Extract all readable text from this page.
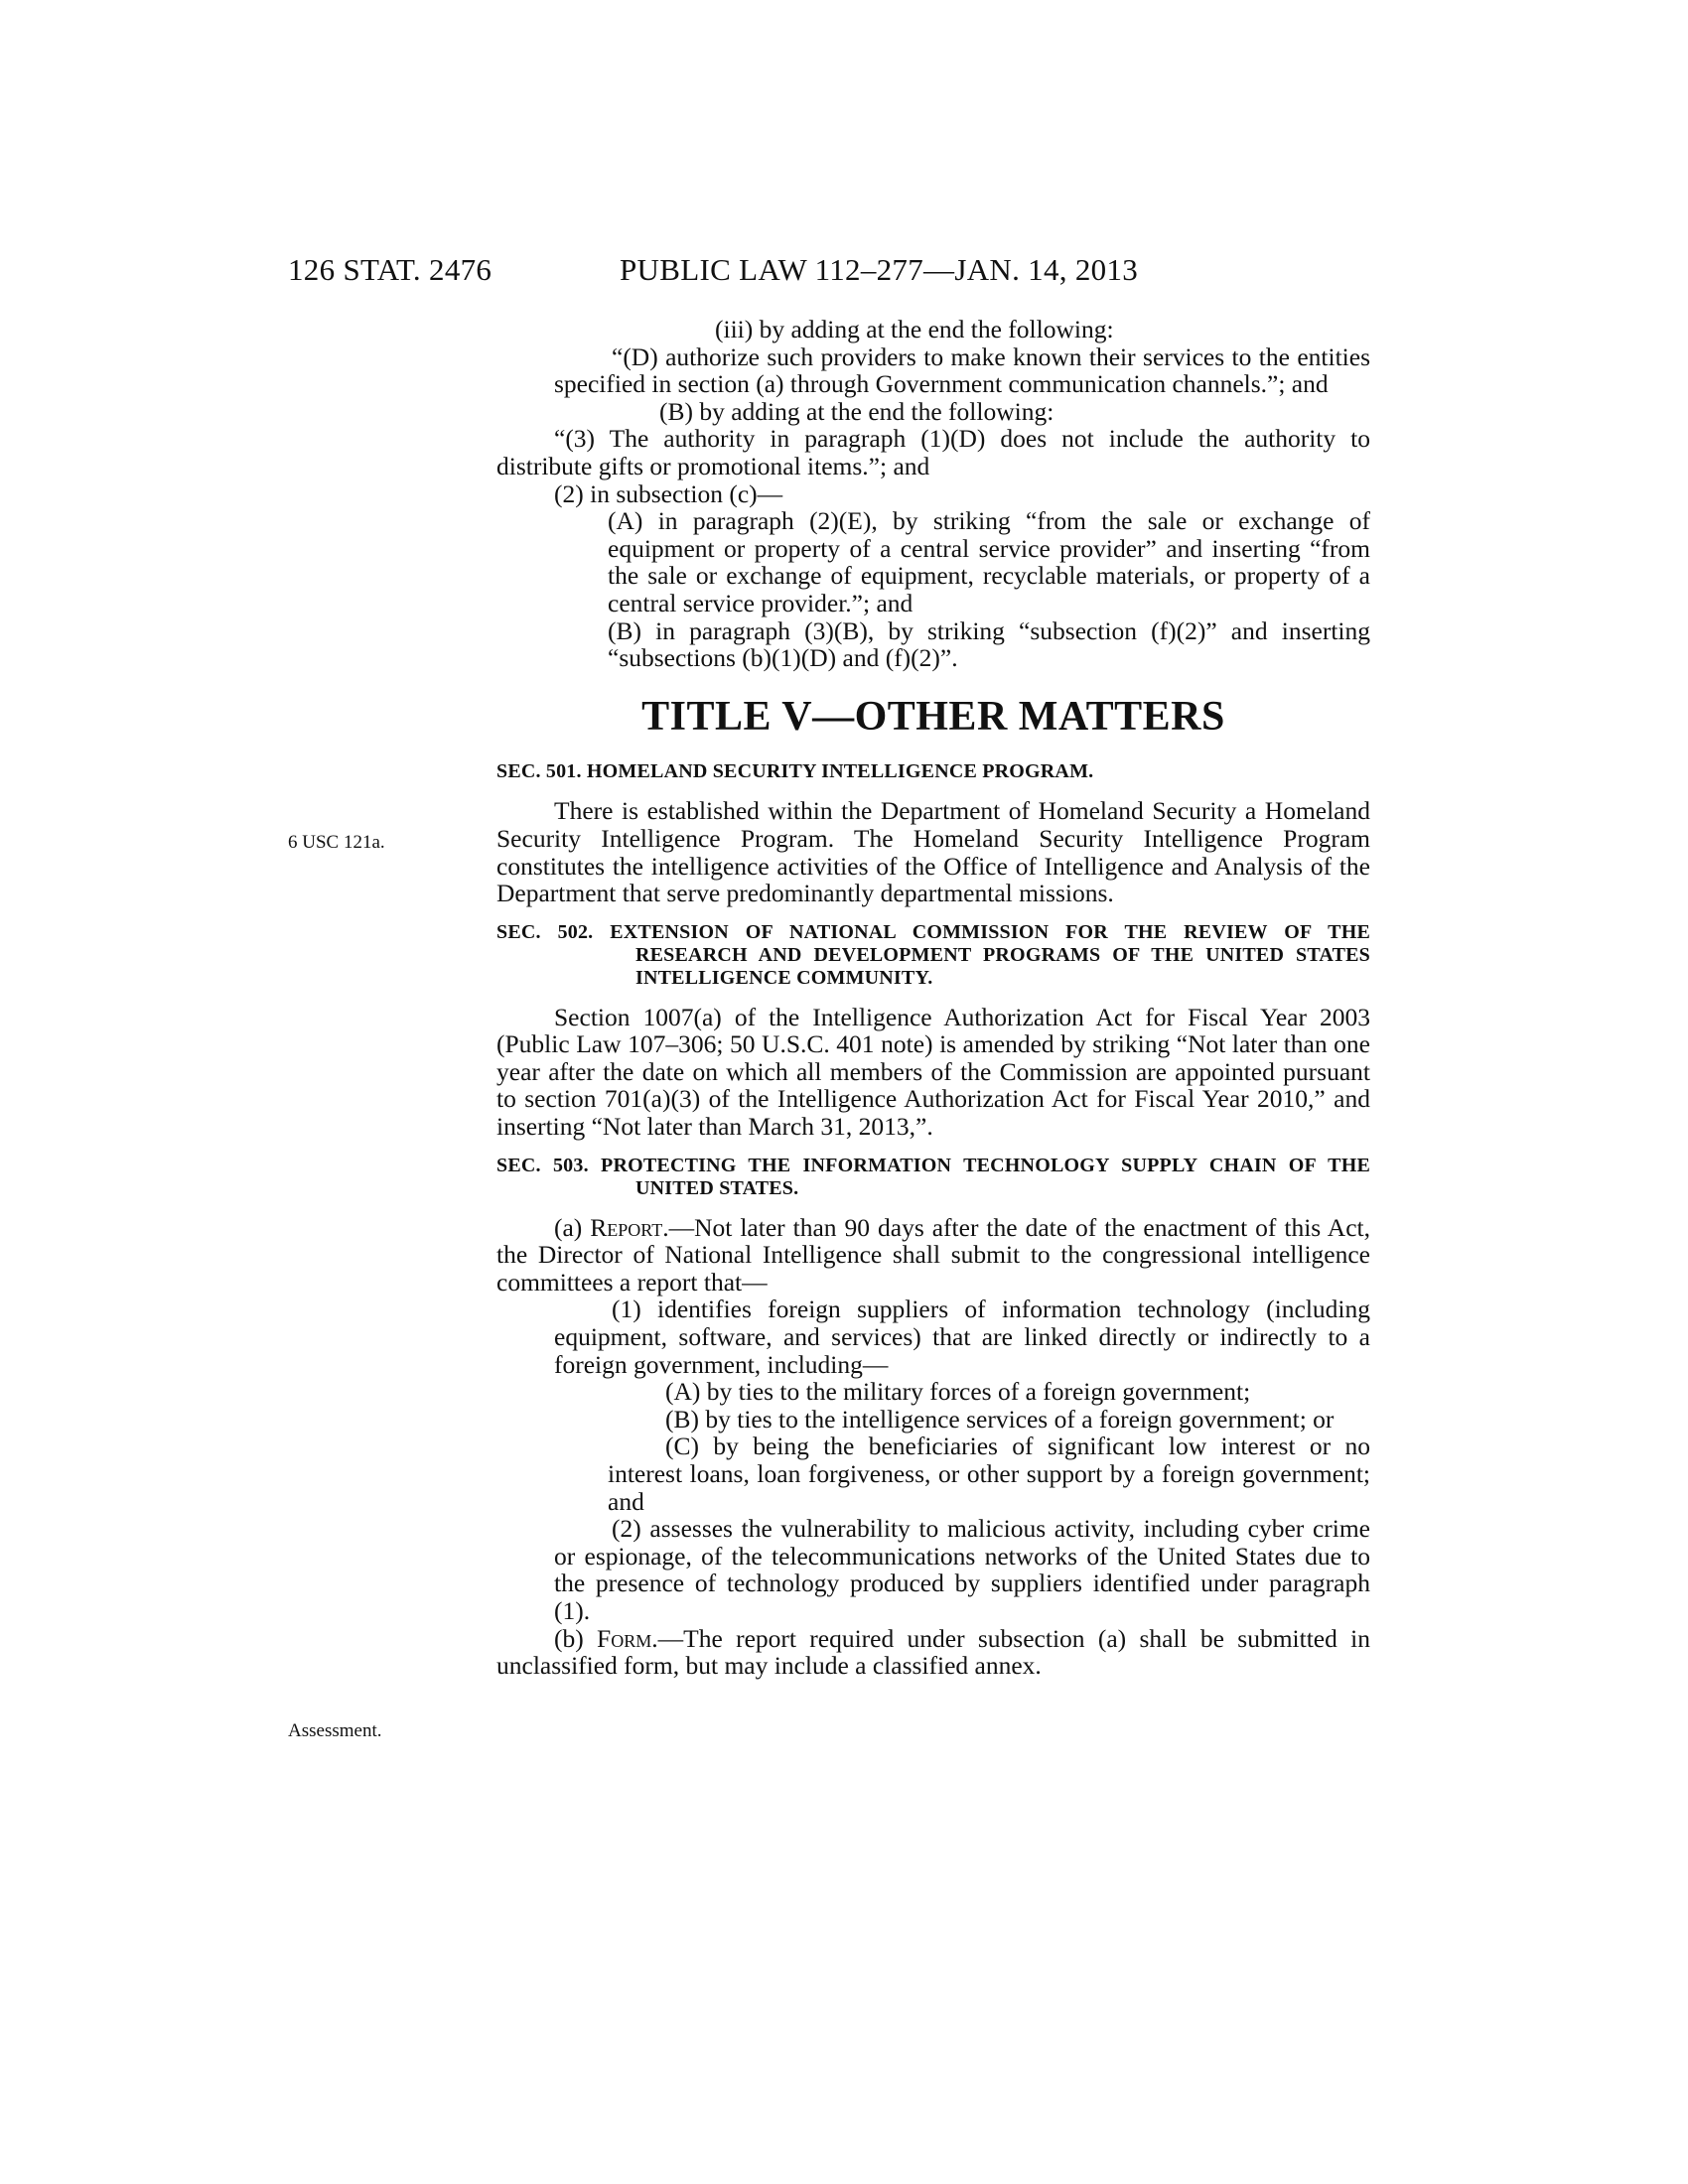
126 STAT. 2476	PUBLIC LAW 112–277—JAN. 14, 2013
6 USC 121a.
Assessment.

(iii) by adding at the end the following:

“(D) authorize such providers to make known their services to the entities specified in section (a) through Government communication channels.”; and

(B) by adding at the end the following:

“(3) The authority in paragraph (1)(D) does not include the authority to distribute gifts or promotional items.”; and

(2) in subsection (c)—

(A) in paragraph (2)(E), by striking “from the sale or exchange of equipment or property of a central service provider” and inserting “from the sale or exchange of equipment, recyclable materials, or property of a central service provider.”; and

(B) in paragraph (3)(B), by striking “subsection (f)(2)” and inserting “subsections (b)(1)(D) and (f)(2)”.

TITLE V—OTHER MATTERS

SEC. 501. HOMELAND SECURITY INTELLIGENCE PROGRAM.

There is established within the Department of Homeland Security a Homeland Security Intelligence Program. The Homeland Security Intelligence Program constitutes the intelligence activities of the Office of Intelligence and Analysis of the Department that serve predominantly departmental missions.

SEC. 502. EXTENSION OF NATIONAL COMMISSION FOR THE REVIEW OF THE RESEARCH AND DEVELOPMENT PROGRAMS OF THE UNITED STATES INTELLIGENCE COMMUNITY.

Section 1007(a) of the Intelligence Authorization Act for Fiscal Year 2003 (Public Law 107–306; 50 U.S.C. 401 note) is amended by striking “Not later than one year after the date on which all members of the Commission are appointed pursuant to section 701(a)(3) of the Intelligence Authorization Act for Fiscal Year 2010,” and inserting “Not later than March 31, 2013,”.

SEC. 503. PROTECTING THE INFORMATION TECHNOLOGY SUPPLY CHAIN OF THE UNITED STATES.

(a) Report.—Not later than 90 days after the date of the enactment of this Act, the Director of National Intelligence shall submit to the congressional intelligence committees a report that—

(1) identifies foreign suppliers of information technology (including equipment, software, and services) that are linked directly or indirectly to a foreign government, including—

(A) by ties to the military forces of a foreign government;

(B) by ties to the intelligence services of a foreign government; or

(C) by being the beneficiaries of significant low interest or no interest loans, loan forgiveness, or other support by a foreign government; and

(2) assesses the vulnerability to malicious activity, including cyber crime or espionage, of the telecommunications networks of the United States due to the presence of technology produced by suppliers identified under paragraph (1).

(b) Form.—The report required under subsection (a) shall be submitted in unclassified form, but may include a classified annex.
